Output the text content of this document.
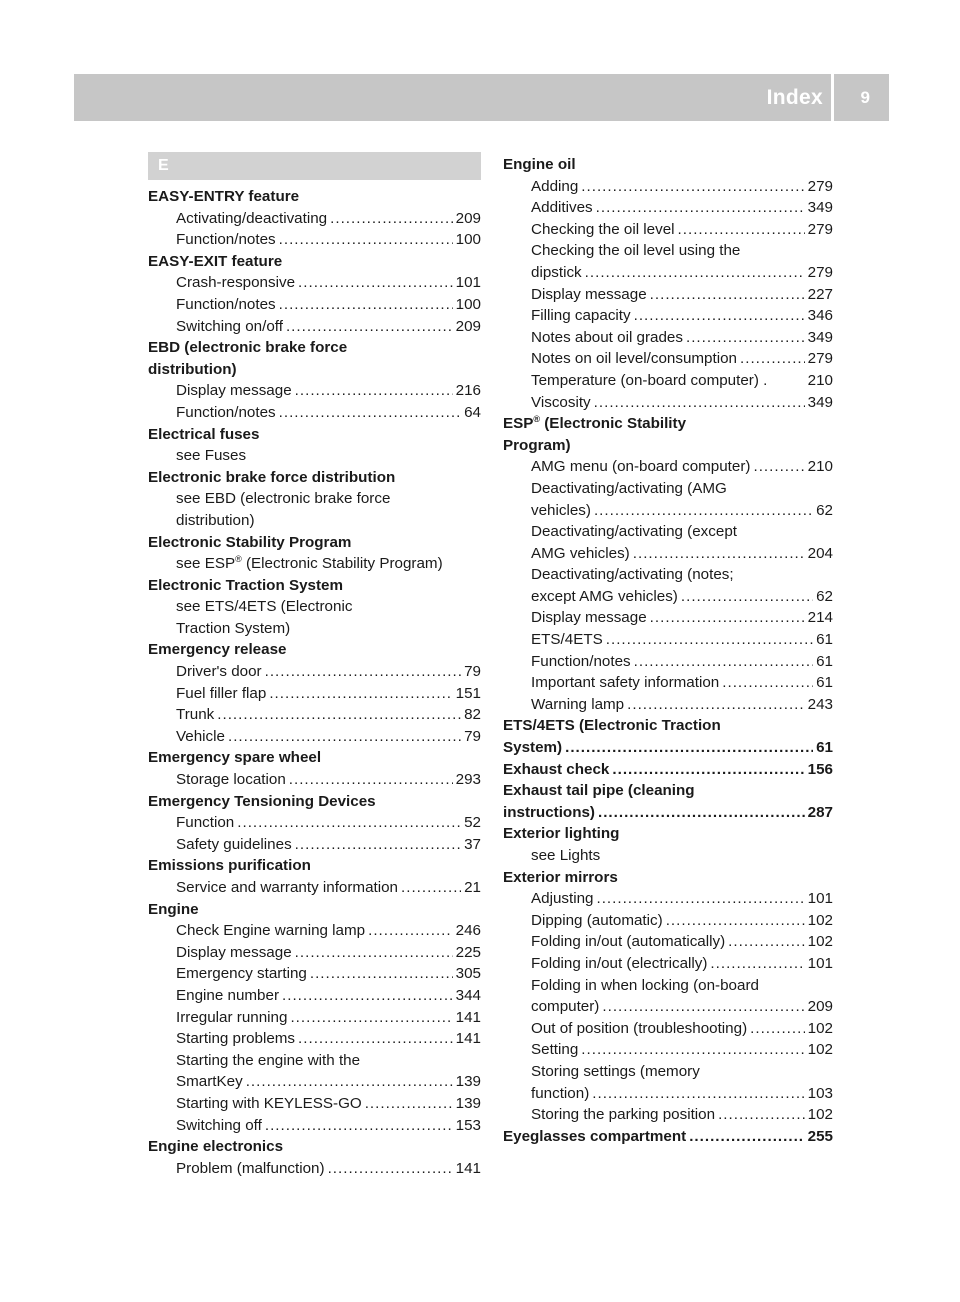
Index 9
E
EASY-ENTRY feature
Activating/deactivating .....	209
Function/notes .....	100
EASY-EXIT feature
Crash-responsive .....	101
Function/notes .....	100
Switching on/off .....	209
EBD (electronic brake force
distribution)
Display message .....	216
Function/notes .....	64
Electrical fuses
see Fuses
Electronic brake force distribution
see EBD (electronic brake force
distribution)
Electronic Stability Program
see ESP® (Electronic Stability Program)
Electronic Traction System
see ETS/4ETS (Electronic
Traction System)
Emergency release
Driver's door .....	79
Fuel filler flap .....	151
Trunk .....	82
Vehicle .....	79
Emergency spare wheel
Storage location .....	293
Emergency Tensioning Devices
Function .....	52
Safety guidelines .....	37
Emissions purification
Service and warranty information .....	21
Engine
Check Engine warning lamp .....	246
Display message .....	225
Emergency starting .....	305
Engine number .....	344
Irregular running .....	141
Starting problems .....	141
Starting the engine with the
SmartKey .....	139
Starting with KEYLESS-GO .....	139
Switching off .....	153
Engine electronics
Problem (malfunction) .....	141
Engine oil
Adding .....	279
Additives .....	349
Checking the oil level .....	279
Checking the oil level using the
dipstick .....	279
Display message .....	227
Filling capacity .....	346
Notes about oil grades .....	349
Notes on oil level/consumption .....	279
Temperature (on-board computer) .	210
Viscosity .....	349
ESP® (Electronic Stability
Program)
AMG menu (on-board computer) .....	210
Deactivating/activating (AMG
vehicles) .....	62
Deactivating/activating (except
AMG vehicles) .....	204
Deactivating/activating (notes;
except AMG vehicles) .....	62
Display message .....	214
ETS/4ETS .....	61
Function/notes .....	61
Important safety information .....	61
Warning lamp .....	243
ETS/4ETS (Electronic Traction
System) .....	61
Exhaust check .....	156
Exhaust tail pipe (cleaning
instructions) .....	287
Exterior lighting
see Lights
Exterior mirrors
Adjusting .....	101
Dipping (automatic) .....	102
Folding in/out (automatically) .....	102
Folding in/out (electrically) .....	101
Folding in when locking (on-board
computer) .....	209
Out of position (troubleshooting) .....	102
Setting .....	102
Storing settings (memory
function) .....	103
Storing the parking position .....	102
Eyeglasses compartment .....	255
